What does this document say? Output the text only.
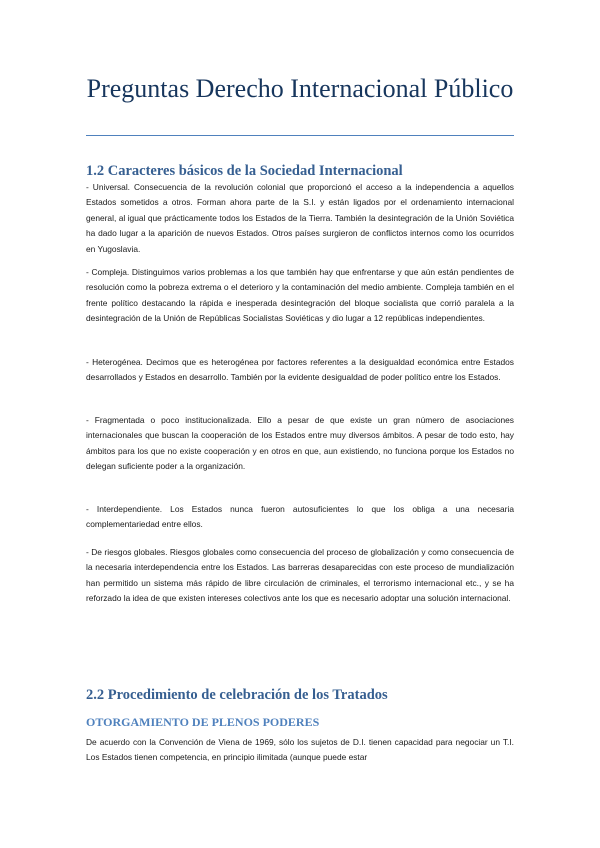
Preguntas Derecho Internacional Público
1.2 Caracteres básicos de la Sociedad Internacional

- Universal. Consecuencia de la revolución colonial que proporcionó el acceso a la independencia a aquellos Estados sometidos a otros. Forman ahora parte de la S.I. y están ligados por el ordenamiento internacional general, al igual que prácticamente todos los Estados de la Tierra. También la desintegración de la Unión Soviética ha dado lugar a la aparición de nuevos Estados. Otros países surgieron de conflictos internos como los ocurridos en Yugoslavia.

- Compleja. Distinguimos varios problemas a los que también hay que enfrentarse y que aún están pendientes de resolución como la pobreza extrema o el deterioro y la contaminación del medio ambiente. Compleja también en el frente político destacando la rápida e inesperada desintegración del bloque socialista que corrió paralela a la desintegración de la Unión de Repúblicas Socialistas Soviéticas y dio lugar a 12 repúblicas independientes.

- Heterogénea. Decimos que es heterogénea por factores referentes a la desigualdad económica entre Estados desarrollados y Estados en desarrollo. También por la evidente desigualdad de poder político entre los Estados.

- Fragmentada o poco institucionalizada. Ello a pesar de que existe un gran número de asociaciones internacionales que buscan la cooperación de los Estados entre muy diversos ámbitos. A pesar de todo esto, hay ámbitos para los que no existe cooperación y en otros en que, aun existiendo, no funciona porque los Estados no delegan suficiente poder a la organización.

- Interdependiente. Los Estados nunca fueron autosuficientes lo que los obliga a una necesaria complementariedad entre ellos.

- De riesgos globales. Riesgos globales como consecuencia del proceso de globalización y como consecuencia de la necesaria interdependencia entre los Estados. Las barreras desaparecidas con este proceso de mundialización han permitido un sistema más rápido de libre circulación de criminales, el terrorismo internacional etc., y se ha reforzado la idea de que existen intereses colectivos ante los que es necesario adoptar una solución internacional.

2.2 Procedimiento de celebración de los Tratados
OTORGAMIENTO DE PLENOS PODERES

De acuerdo con la Convención de Viena de 1969, sólo los sujetos de D.I. tienen capacidad para negociar un T.I. Los Estados tienen competencia, en principio ilimitada (aunque puede estar
